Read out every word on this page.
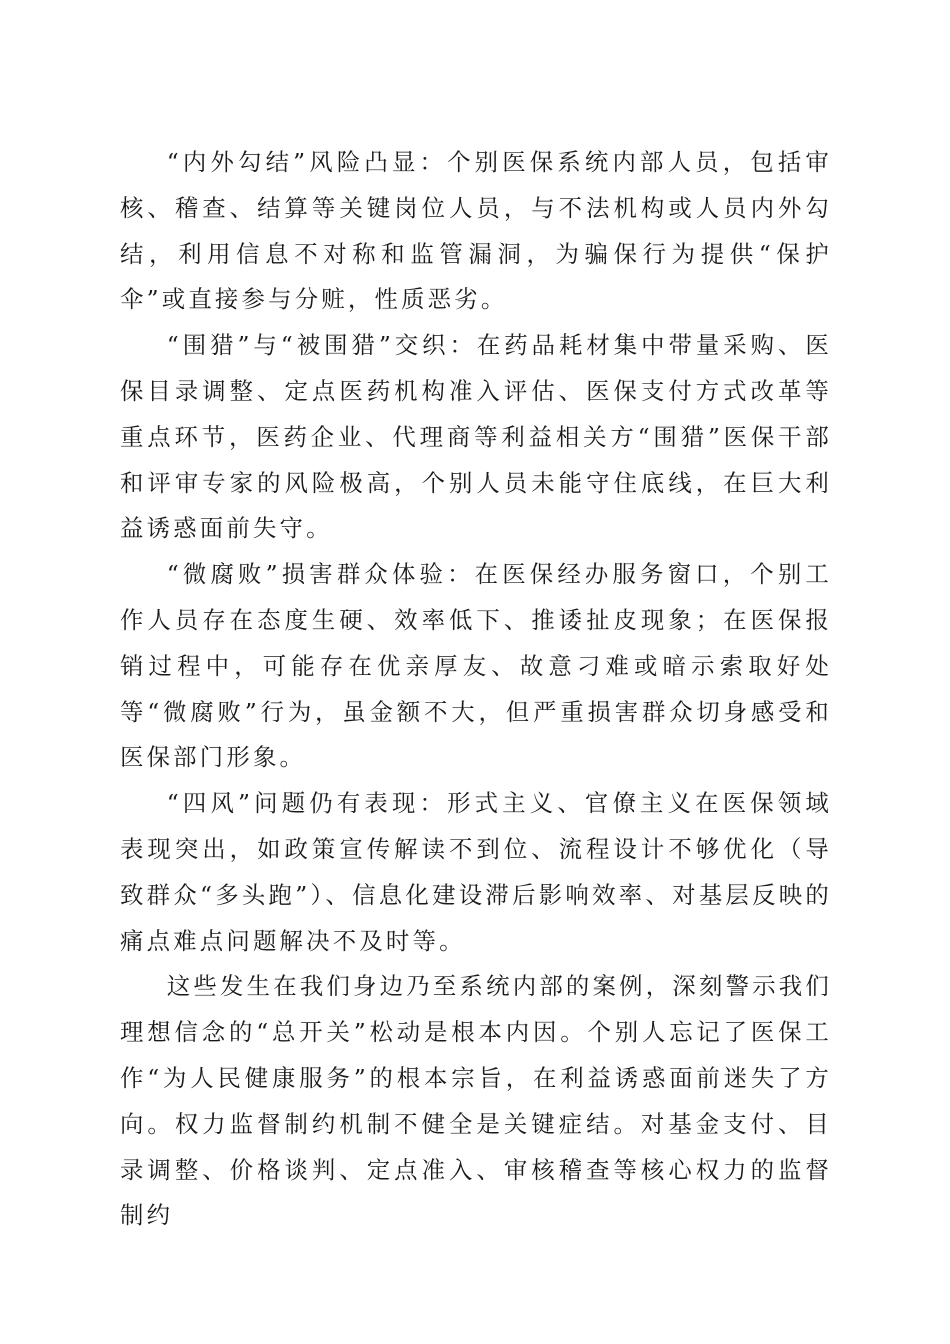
“内外勾结”风险凸显：个别医保系统内部人员，包括审核、稽查、结算等关键岗位人员，与不法机构或人员内外勾结，利用信息不对称和监管漏洞，为骗保行为提供“保护伞”或直接参与分赃，性质恶劣。

“围猎”与“被围猎”交织：在药品耗材集中带量采购、医保目录调整、定点医药机构准入评估、医保支付方式改革等重点环节，医药企业、代理商等利益相关方“围猎”医保干部和评审专家的风险极高，个别人员未能守住底线，在巨大利益诱惑面前失守。

“微腐败”损害群众体验：在医保经办服务窗口，个别工作人员存在态度生硬、效率低下、推诿扯皮现象；在医保报销过程中，可能存在优亲厚友、故意刁难或暗示索取好处等“微腐败”行为，虽金额不大，但严重损害群众切身感受和医保部门形象。

“四风”问题仍有表现：形式主义、官僚主义在医保领域表现突出，如政策宣传解读不到位、流程设计不够优化（导致群众“多头跑”）、信息化建设滞后影响效率、对基层反映的痛点难点问题解决不及时等。

这些发生在我们身边乃至系统内部的案例，深刻警示我们理想信念的“总开关”松动是根本内因。个别人忘记了医保工作“为人民健康服务”的根本宗旨，在利益诱惑面前迷失了方向。权力监督制约机制不健全是关键症结。对基金支付、目录调整、价格谈判、定点准入、审核稽查等核心权力的监督制约
